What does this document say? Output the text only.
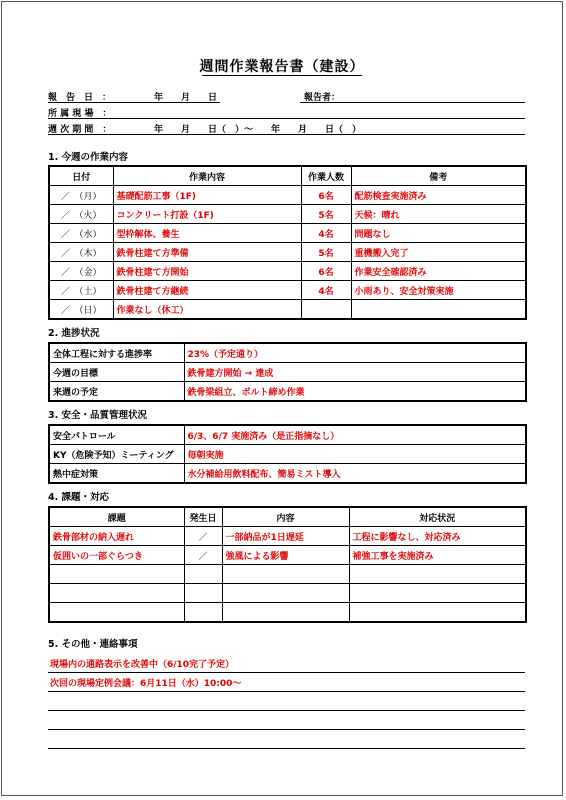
週間作業報告書（建設）
報　告　日　：	年　　月　　日	報告者：
所 属 現 場　：
週 次 期 間　：	年　　月　　日（　）～　　年　　月　　日（　）
1. 今週の作業内容
日付	作業内容	作業人数	備考
／　（月）	基礎配筋工事（1F)	6名	配筋検査実施済み
／　（火）	コンクリート打設（1F)	5名	天候：晴れ
／　（水）	型枠解体、養生	4名	問題なし
／　（木）	鉄骨柱建て方準備	5名	重機搬入完了
／　（金）	鉄骨柱建て方開始	6名	作業安全確認済み
／　（土）	鉄骨柱建て方継続	4名	小雨あり、安全対策実施
／　（日）	作業なし（休工）		
2. 進捗状況
全体工程に対する進捗率	23%（予定通り）
今週の目標	鉄骨建方開始 → 達成
来週の予定	鉄骨梁組立、ボルト締め作業
3. 安全・品質管理状況
安全パトロール	6/3、6/7 実施済み（是正指摘なし）
KY（危険予知）ミーティング	毎朝実施
熱中症対策	水分補給用飲料配布、簡易ミスト導入
4. 課題・対応
課題	発生日	内容	対応状況
鉄骨部材の納入遅れ	／	一部納品が1日遅延	工程に影響なし、対応済み
仮囲いの一部ぐらつき	／	強風による影響	補強工事を実施済み

5. その他・連絡事項
現場内の通路表示を改善中（6/10完了予定）
次回の現場定例会議：6月11日（水）10:00～
